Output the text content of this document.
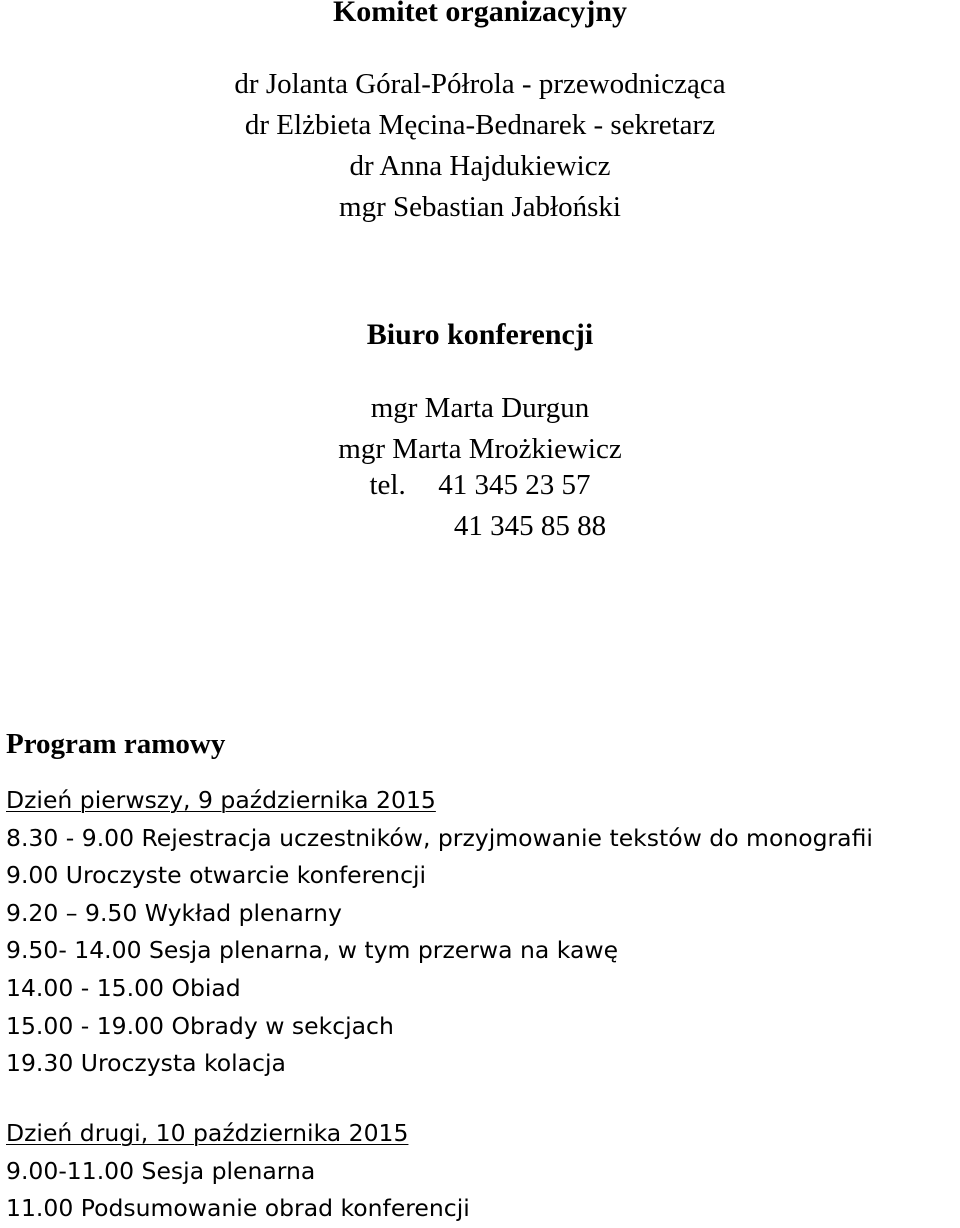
Komitet organizacyjny
dr Jolanta Góral-Półrola - przewodnicząca
dr Elżbieta Męcina-Bednarek - sekretarz
dr Anna Hajdukiewicz
mgr Sebastian Jabłoński
Biuro konferencji
mgr Marta Durgun
mgr Marta Mrożkiewicz
tel. 41 345 23 57
41 345 85 88
Program ramowy
Dzień pierwszy, 9 października 2015
8.30 - 9.00 Rejestracja uczestników, przyjmowanie tekstów do monografii
9.00 Uroczyste otwarcie konferencji
9.20 – 9.50 Wykład plenarny
9.50- 14.00 Sesja plenarna, w tym przerwa na kawę
14.00 - 15.00 Obiad
15.00 - 19.00 Obrady w sekcjach
19.30 Uroczysta kolacja
Dzień drugi, 10 października 2015
9.00-11.00 Sesja plenarna
11.00 Podsumowanie obrad konferencji
